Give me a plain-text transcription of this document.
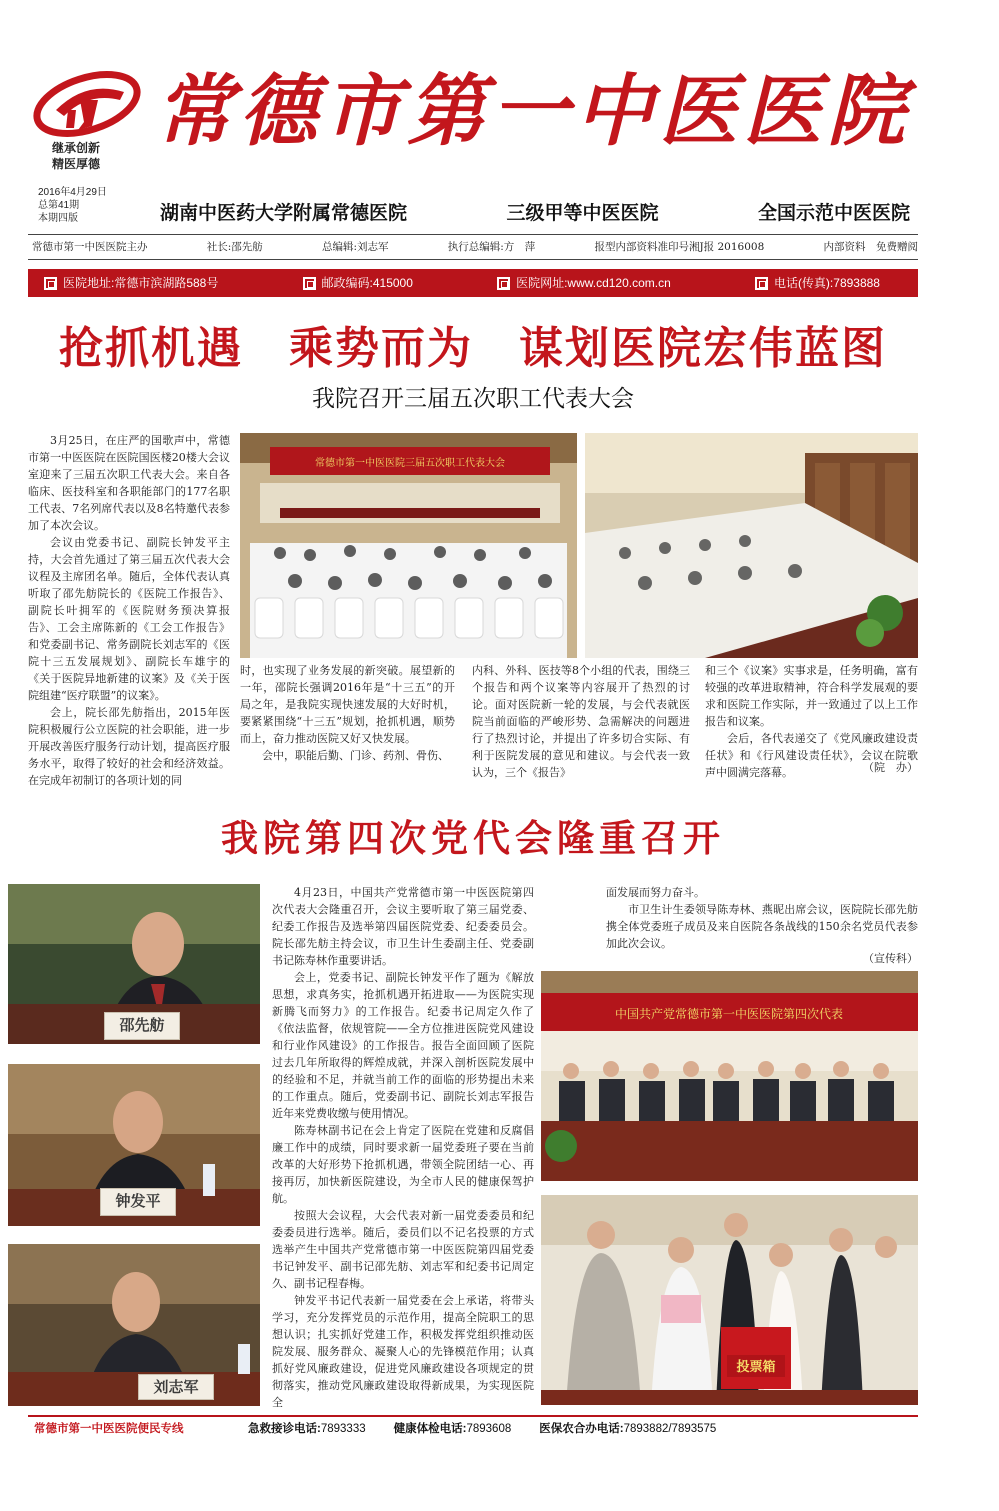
继承创新
精医厚德
2016年4月29日
总第41期
本期四版
常德市第一中医医院
湖南中医药大学附属常德医院	三级甲等中医医院	全国示范中医医院
常德市第一中医医院主办	社长:邵先舫	总编辑:刘志军	执行总编辑:方　萍	报型内部资料准印号湘J报 2016008	内部资料　免费赠阅
医院地址:常德市滨湖路588号	邮政编码:415000	医院网址:www.cd120.com.cn	电话(传真):7893888
抢抓机遇　乘势而为　谋划医院宏伟蓝图
我院召开三届五次职工代表大会
常德市第一中医医院三届五次职工代表大会

3月25日，在庄严的国歌声中，常德市第一中医医院在医院国医楼20楼大会议室迎来了三届五次职工代表大会。来自各临床、医技科室和各职能部门的177名职工代表、7名列席代表以及8名特邀代表参加了本次会议。

会议由党委书记、副院长钟发平主持，大会首先通过了第三届五次代表大会议程及主席团名单。随后，全体代表认真听取了邵先舫院长的《医院工作报告》、副院长叶拥军的《医院财务预决算报告》、工会主席陈新的《工会工作报告》和党委副书记、常务副院长刘志军的《医院十三五发展规划》、副院长车雄宇的《关于医院异地新建的议案》及《关于医院组建“医疗联盟”的议案》。

会上，院长邵先舫指出，2015年医院积极履行公立医院的社会职能，进一步开展改善医疗服务行动计划，提高医疗服务水平，取得了较好的社会和经济效益。在完成年初制订的各项计划的同

时，也实现了业务发展的新突破。展望新的一年，邵院长强调2016年是“十三五”的开局之年，是我院实现快速发展的大好时机，要紧紧围绕“十三五”规划，抢抓机遇，顺势而上，奋力推动医院又好又快发展。

会中，职能后勤、门诊、药剂、骨伤、

内科、外科、医技等8个小组的代表，围绕三个报告和两个议案等内容展开了热烈的讨论。面对医院新一轮的发展，与会代表就医院当前面临的严峻形势、急需解决的问题进行了热烈讨论，并提出了许多切合实际、有利于医院发展的意见和建议。与会代表一致认为，三个《报告》

和三个《议案》实事求是，任务明确，富有较强的改革进取精神，符合科学发展观的要求和医院工作实际，并一致通过了以上工作报告和议案。

会后，各代表递交了《党风廉政建设责任状》和《行风建设责任状》，会议在院歌声中圆满完落幕。	（院　办）
我院第四次党代会隆重召开
邵先舫
钟发平
刘志军

4月23日，中国共产党常德市第一中医医院第四次代表大会隆重召开，会议主要听取了第三届党委、纪委工作报告及选举第四届医院党委、纪委委员会。院长邵先舫主持会议，市卫生计生委副主任、党委副书记陈寿林作重要讲话。

会上，党委书记、副院长钟发平作了题为《解放思想，求真务实，抢抓机遇开拓进取——为医院实现新腾飞而努力》的工作报告。纪委书记周定久作了《依法监督，依规管院——全方位推进医院党风建设和行业作风建设》的工作报告。报告全面回顾了医院过去几年所取得的辉煌成就，并深入剖析医院发展中的经验和不足，并就当前工作的面临的形势提出未来的工作重点。随后，党委副书记、副院长刘志军报告近年来党费收缴与使用情况。

陈寿林副书记在会上肯定了医院在党建和反腐倡廉工作中的成绩，同时要求新一届党委班子要在当前改革的大好形势下抢抓机遇，带领全院团结一心、再接再厉，加快新医院建设，为全市人民的健康保驾护航。

按照大会议程，大会代表对新一届党委委员和纪委委员进行选举。随后，委员们以不记名投票的方式选举产生中国共产党常德市第一中医医院第四届党委书记钟发平、副书记邵先舫、刘志军和纪委书记周定久、副书记程春梅。

钟发平书记代表新一届党委在会上承诺，将带头学习，充分发挥党员的示范作用，提高全院职工的思想认识；扎实抓好党建工作，积极发挥党组织推动医院发展、服务群众、凝聚人心的先锋模范作用；认真抓好党风廉政建设，促进党风廉政建设各项规定的贯彻落实，推动党风廉政建设取得新成果，为实现医院全

面发展而努力奋斗。

市卫生计生委领导陈寿林、燕昵出席会议，医院院长邵先舫携全体党委班子成员及来自医院各条战线的150余名党员代表参加此次会议。

（宣传科）
中国共产党常德市第一中医医院第四次代表
投票箱
常德市第一中医医院便民专线	急救接诊电话:7893333 健康体检电话:7893608 医保农合办电话:7893882/7893575
